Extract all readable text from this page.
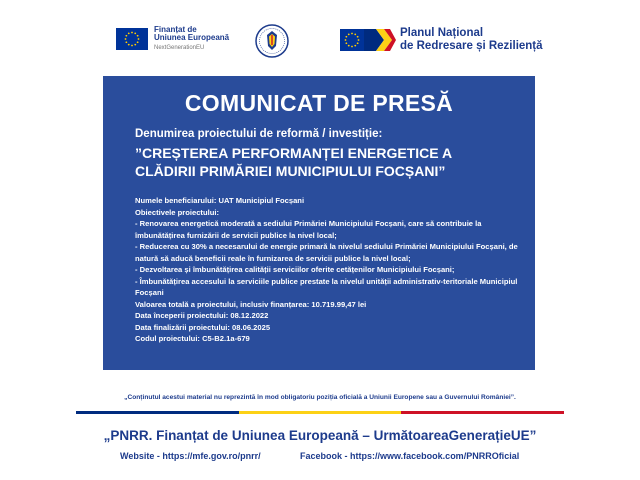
Finanțat de
Uniunea Europeană
NextGenerationEU
Planul Național
de Redresare și Reziliență
COMUNICAT DE PRESĂ
Denumirea proiectului de reformă / investiție:
”CREȘTEREA PERFORMANȚEI ENERGETICE A
CLĂDIRII PRIMĂRIEI MUNICIPIULUI FOCȘANI”
Numele beneficiarului: UAT Municipiul Focșani
Obiectivele proiectului:
- Renovarea energetică moderată a sediului Primăriei Municipiului Focșani, care să contribuie la îmbunătățirea furnizării de servicii publice la nivel local;
- Reducerea cu 30% a necesarului de energie primară la nivelul sediului Primăriei Municipiului Focșani, de natură să aducă beneficii reale în furnizarea de servicii publice la nivel local;
- Dezvoltarea și îmbunătățirea calității serviciilor oferite cetățenilor Municipiului Focșani;
- Îmbunătățirea accesului la serviciile publice prestate la nivelul unității administrativ-teritoriale Municipiul Focșani
Valoarea totală a proiectului, inclusiv finanțarea: 10.719.99,47 lei
Data începerii proiectului: 08.12.2022
Data finalizării proiectului: 08.06.2025
Codul proiectului: C5-B2.1a-679
„Conținutul acestui material nu reprezintă în mod obligatoriu poziția oficială a Uniunii Europene sau a Guvernului României”.
„PNRR. Finanțat de Uniunea Europeană – UrmătoareaGenerațieUE”
Website - https://mfe.gov.ro/pnrr/	Facebook - https://www.facebook.com/PNRROficial
